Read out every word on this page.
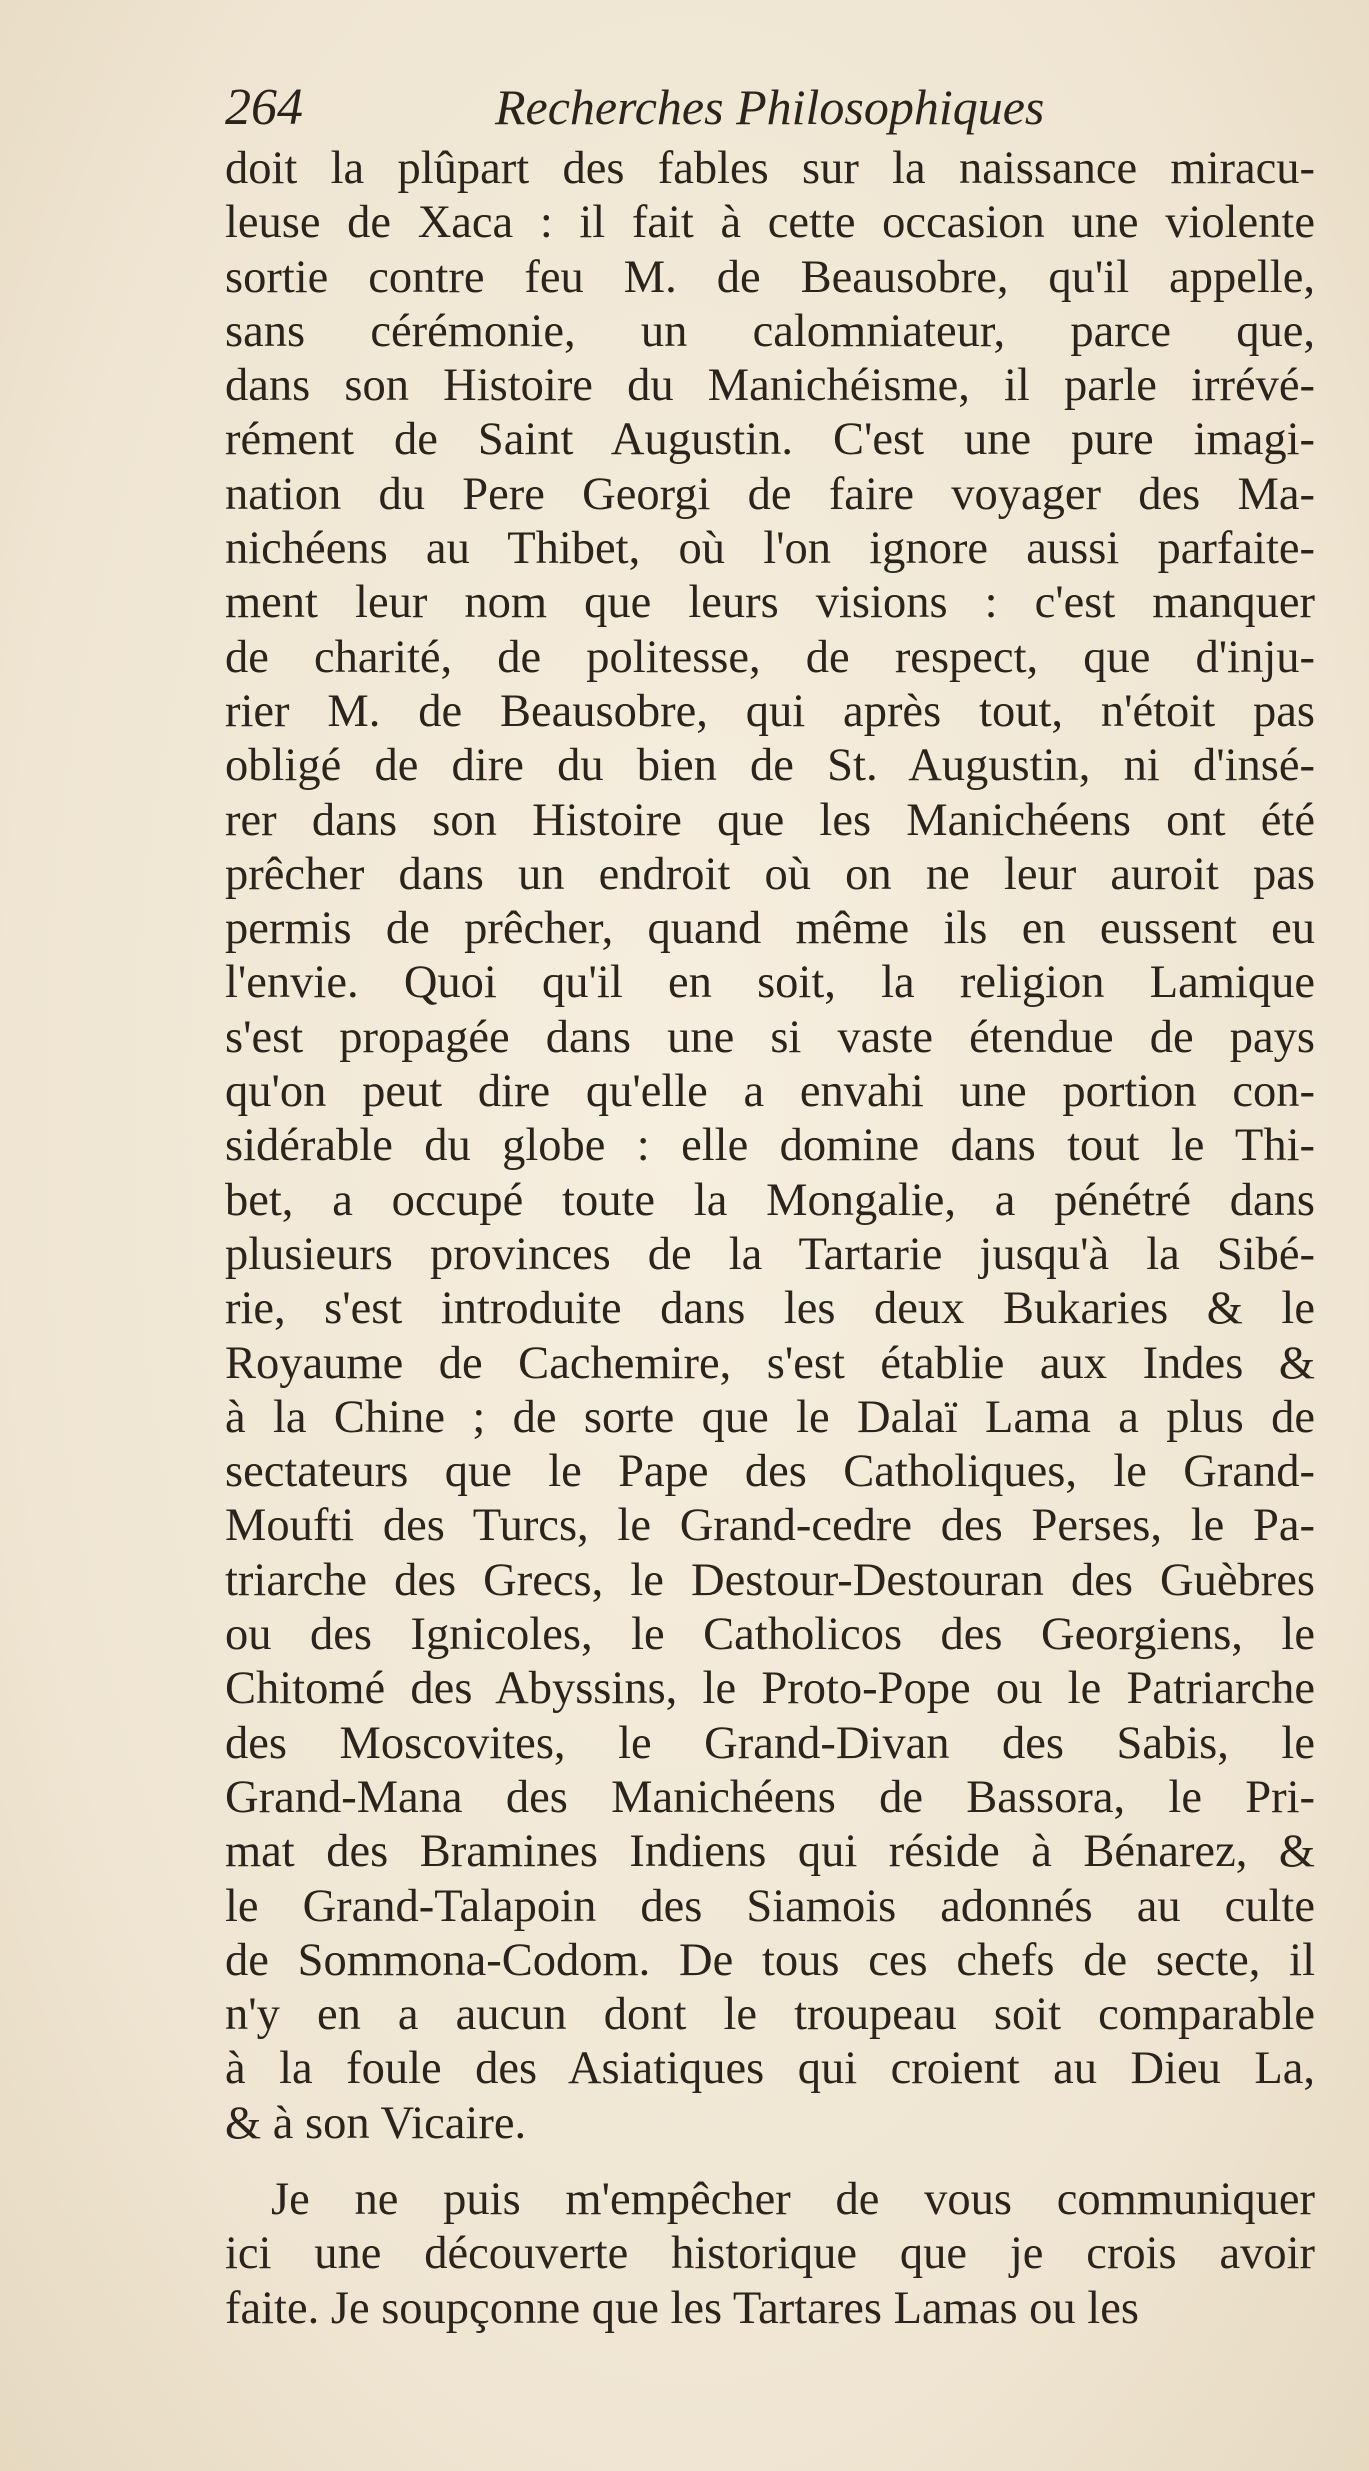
264	Recherches Philosophiques
doit la plûpart des fables sur la naissance miracu-
leuse de Xaca : il fait à cette occasion une violente
sortie contre feu M. de Beausobre, qu'il appelle,
sans cérémonie, un calomniateur, parce que,
dans son Histoire du Manichéisme, il parle irrévé-
rément de Saint Augustin. C'est une pure imagi-
nation du Pere Georgi de faire voyager des Ma-
nichéens au Thibet, où l'on ignore aussi parfaite-
ment leur nom que leurs visions : c'est manquer
de charité, de politesse, de respect, que d'inju-
rier M. de Beausobre, qui après tout, n'étoit pas
obligé de dire du bien de St. Augustin, ni d'insé-
rer dans son Histoire que les Manichéens ont été
prêcher dans un endroit où on ne leur auroit pas
permis de prêcher, quand même ils en eussent eu
l'envie. Quoi qu'il en soit, la religion Lamique
s'est propagée dans une si vaste étendue de pays
qu'on peut dire qu'elle a envahi une portion con-
sidérable du globe : elle domine dans tout le Thi-
bet, a occupé toute la Mongalie, a pénétré dans
plusieurs provinces de la Tartarie jusqu'à la Sibé-
rie, s'est introduite dans les deux Bukaries & le
Royaume de Cachemire, s'est établie aux Indes &
à la Chine ; de sorte que le Dalaï Lama a plus de
sectateurs que le Pape des Catholiques, le Grand-
Moufti des Turcs, le Grand-cedre des Perses, le Pa-
triarche des Grecs, le Destour-Destouran des Guèbres
ou des Ignicoles, le Catholicos des Georgiens, le
Chitomé des Abyssins, le Proto-Pope ou le Patriarche
des Moscovites, le Grand-Divan des Sabis, le
Grand-Mana des Manichéens de Bassora, le Pri-
mat des Bramines Indiens qui réside à Bénarez, &
le Grand-Talapoin des Siamois adonnés au culte
de Sommona-Codom. De tous ces chefs de secte, il
n'y en a aucun dont le troupeau soit comparable
à la foule des Asiatiques qui croient au Dieu La,
& à son Vicaire.
Je ne puis m'empêcher de vous communiquer
ici une découverte historique que je crois avoir
faite. Je soupçonne que les Tartares Lamas ou les
